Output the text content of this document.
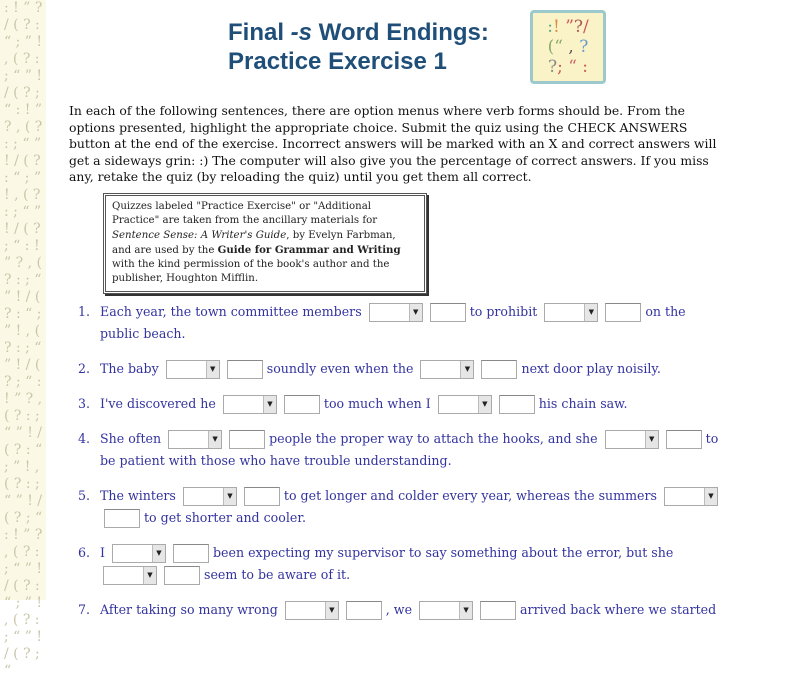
: ! ” ? / ( ? : “ ; ” ! , ( ? : ; “ ” ! / ( ? ; “ : ! ” ? , ( ? : ; “ ” ! / ( ? : “ ; ” ! , ( ? : ; “ ” ! / ( ? ; “ : ! ” ? , ( ? : ; “ ” ! / ( ? : “ ; ” ! , ( ? : ; “ ” ! / ( ? ; “ : ! ” ? , ( ? : ; “ ” ! / ( ? : “ ; ” ! , ( ? : ; “ ” ! / ( ? ; “ : ! ” ? , ( ? : ; “ ” ! / ( ? : “ ; ” ! , ( ? : ; “ ” ! / ( ? ; “
Final -s Word Endings:
Practice Exercise 1
:! ”?/
(“ , ?
?; “ :

In each of the following sentences, there are option menus where verb forms should be. From the options presented, highlight the appropriate choice. Submit the quiz using the CHECK ANSWERS button at the end of the exercise. Incorrect answers will be marked with an X and correct answers will get a sideways grin: :) The computer will also give you the percentage of correct answers. If you miss any, retake the quiz (by reloading the quiz) until you get them all correct.

Quizzes labeled "Practice Exercise" or "Additional Practice" are taken from the ancillary materials for Sentence Sense: A Writer's Guide, by Evelyn Farbman, and are used by the Guide for Grammar and Writing with the kind permission of the book's author and the publisher, Houghton Mifflin.
1. Each year, the town committee members	▼	to prohibit	▼	on the public beach.
2. The baby	▼	soundly even when the	▼	next door play noisily.
3. I've discovered he	▼	too much when I	▼	his chain saw.
4. She often	▼	people the proper way to attach the hooks, and she	▼	to be patient with those who have trouble understanding.
5. The winters	▼	to get longer and colder every year, whereas the summers	▼
to get shorter and cooler.
6. I	▼	been expecting my supervisor to say something about the error, but she
▼	seem to be aware of it.
7. After taking so many wrong	▼	, we	▼	arrived back where we started
